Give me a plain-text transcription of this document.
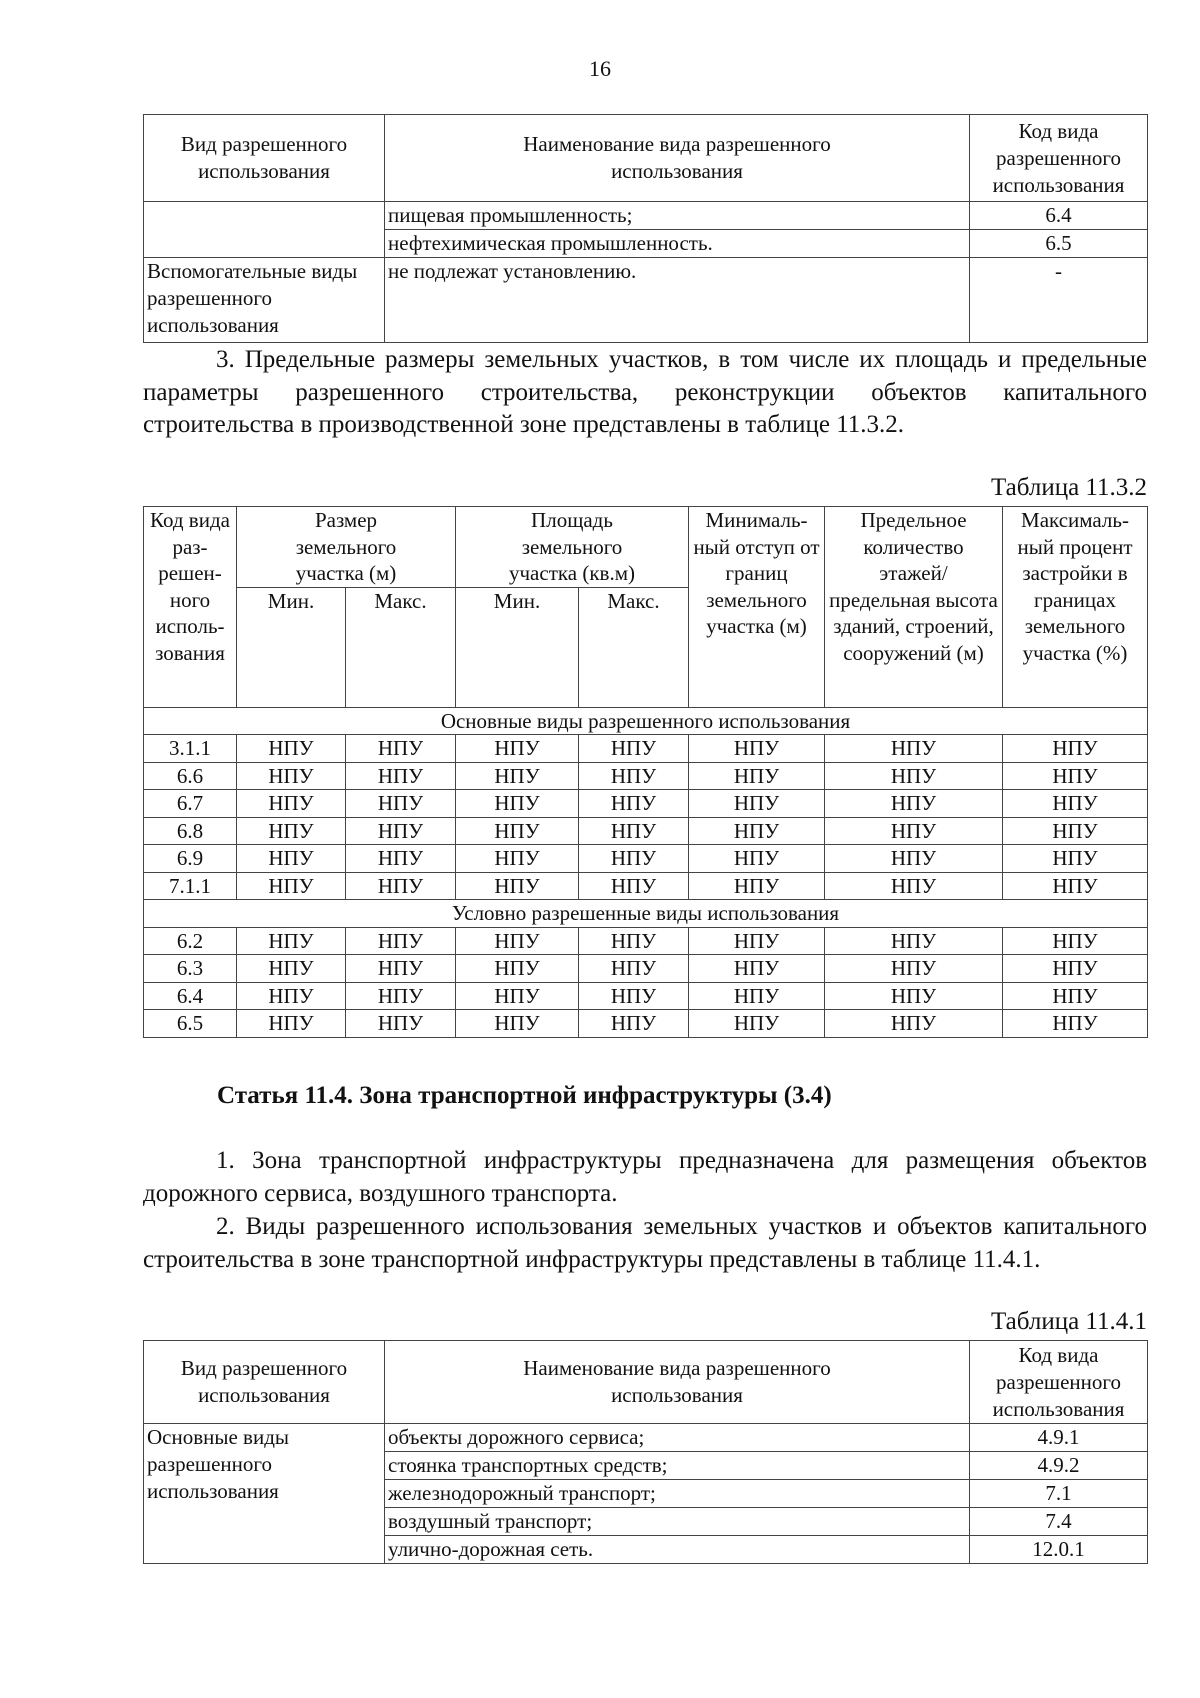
16
Вид разрешенного использования	Наименование вида разрешенного использования	Код вида разрешенного использования
	пищевая промышленность;	6.4
	нефтехимическая промышленность.	6.5
Вспомогательные виды разрешенного использования	не подлежат установлению.	-

3. Предельные размеры земельных участков, в том числе их площадь и предельные параметры разрешенного строительства, реконструкции объектов капитального строительства в производственной зоне представлены в таблице 11.3.2.

Таблица 11.3.2
Код вида раз-решен-ного исполь-зования	Размер земельного участка (м)		Площадь земельного участка (кв.м)		Минималь-ный отступ от границ земельного участка (м)	Предельное количество этажей/ предельная высота зданий, строений, сооружений (м)	Максималь-ный процент застройки в границах земельного участка (%)
	Мин.	Макс.	Мин.	Макс.			
Основные виды разрешенного использования							
3.1.1	НПУ	НПУ	НПУ	НПУ	НПУ	НПУ	НПУ
6.6	НПУ	НПУ	НПУ	НПУ	НПУ	НПУ	НПУ
6.7	НПУ	НПУ	НПУ	НПУ	НПУ	НПУ	НПУ
6.8	НПУ	НПУ	НПУ	НПУ	НПУ	НПУ	НПУ
6.9	НПУ	НПУ	НПУ	НПУ	НПУ	НПУ	НПУ
7.1.1	НПУ	НПУ	НПУ	НПУ	НПУ	НПУ	НПУ
Условно разрешенные виды использования							
6.2	НПУ	НПУ	НПУ	НПУ	НПУ	НПУ	НПУ
6.3	НПУ	НПУ	НПУ	НПУ	НПУ	НПУ	НПУ
6.4	НПУ	НПУ	НПУ	НПУ	НПУ	НПУ	НПУ
6.5	НПУ	НПУ	НПУ	НПУ	НПУ	НПУ	НПУ

Статья 11.4. Зона транспортной инфраструктуры (3.4)

1. Зона транспортной инфраструктуры предназначена для размещения объектов дорожного сервиса, воздушного транспорта.

2. Виды разрешенного использования земельных участков и объектов капитального строительства в зоне транспортной инфраструктуры представлены в таблице 11.4.1.

Таблица 11.4.1
Вид разрешенного использования	Наименование вида разрешенного использования	Код вида разрешенного использования
Основные виды разрешенного использования	объекты дорожного сервиса;	4.9.1
	стоянка транспортных средств;	4.9.2
	железнодорожный транспорт;	7.1
	воздушный транспорт;	7.4
	улично-дорожная сеть.	12.0.1
